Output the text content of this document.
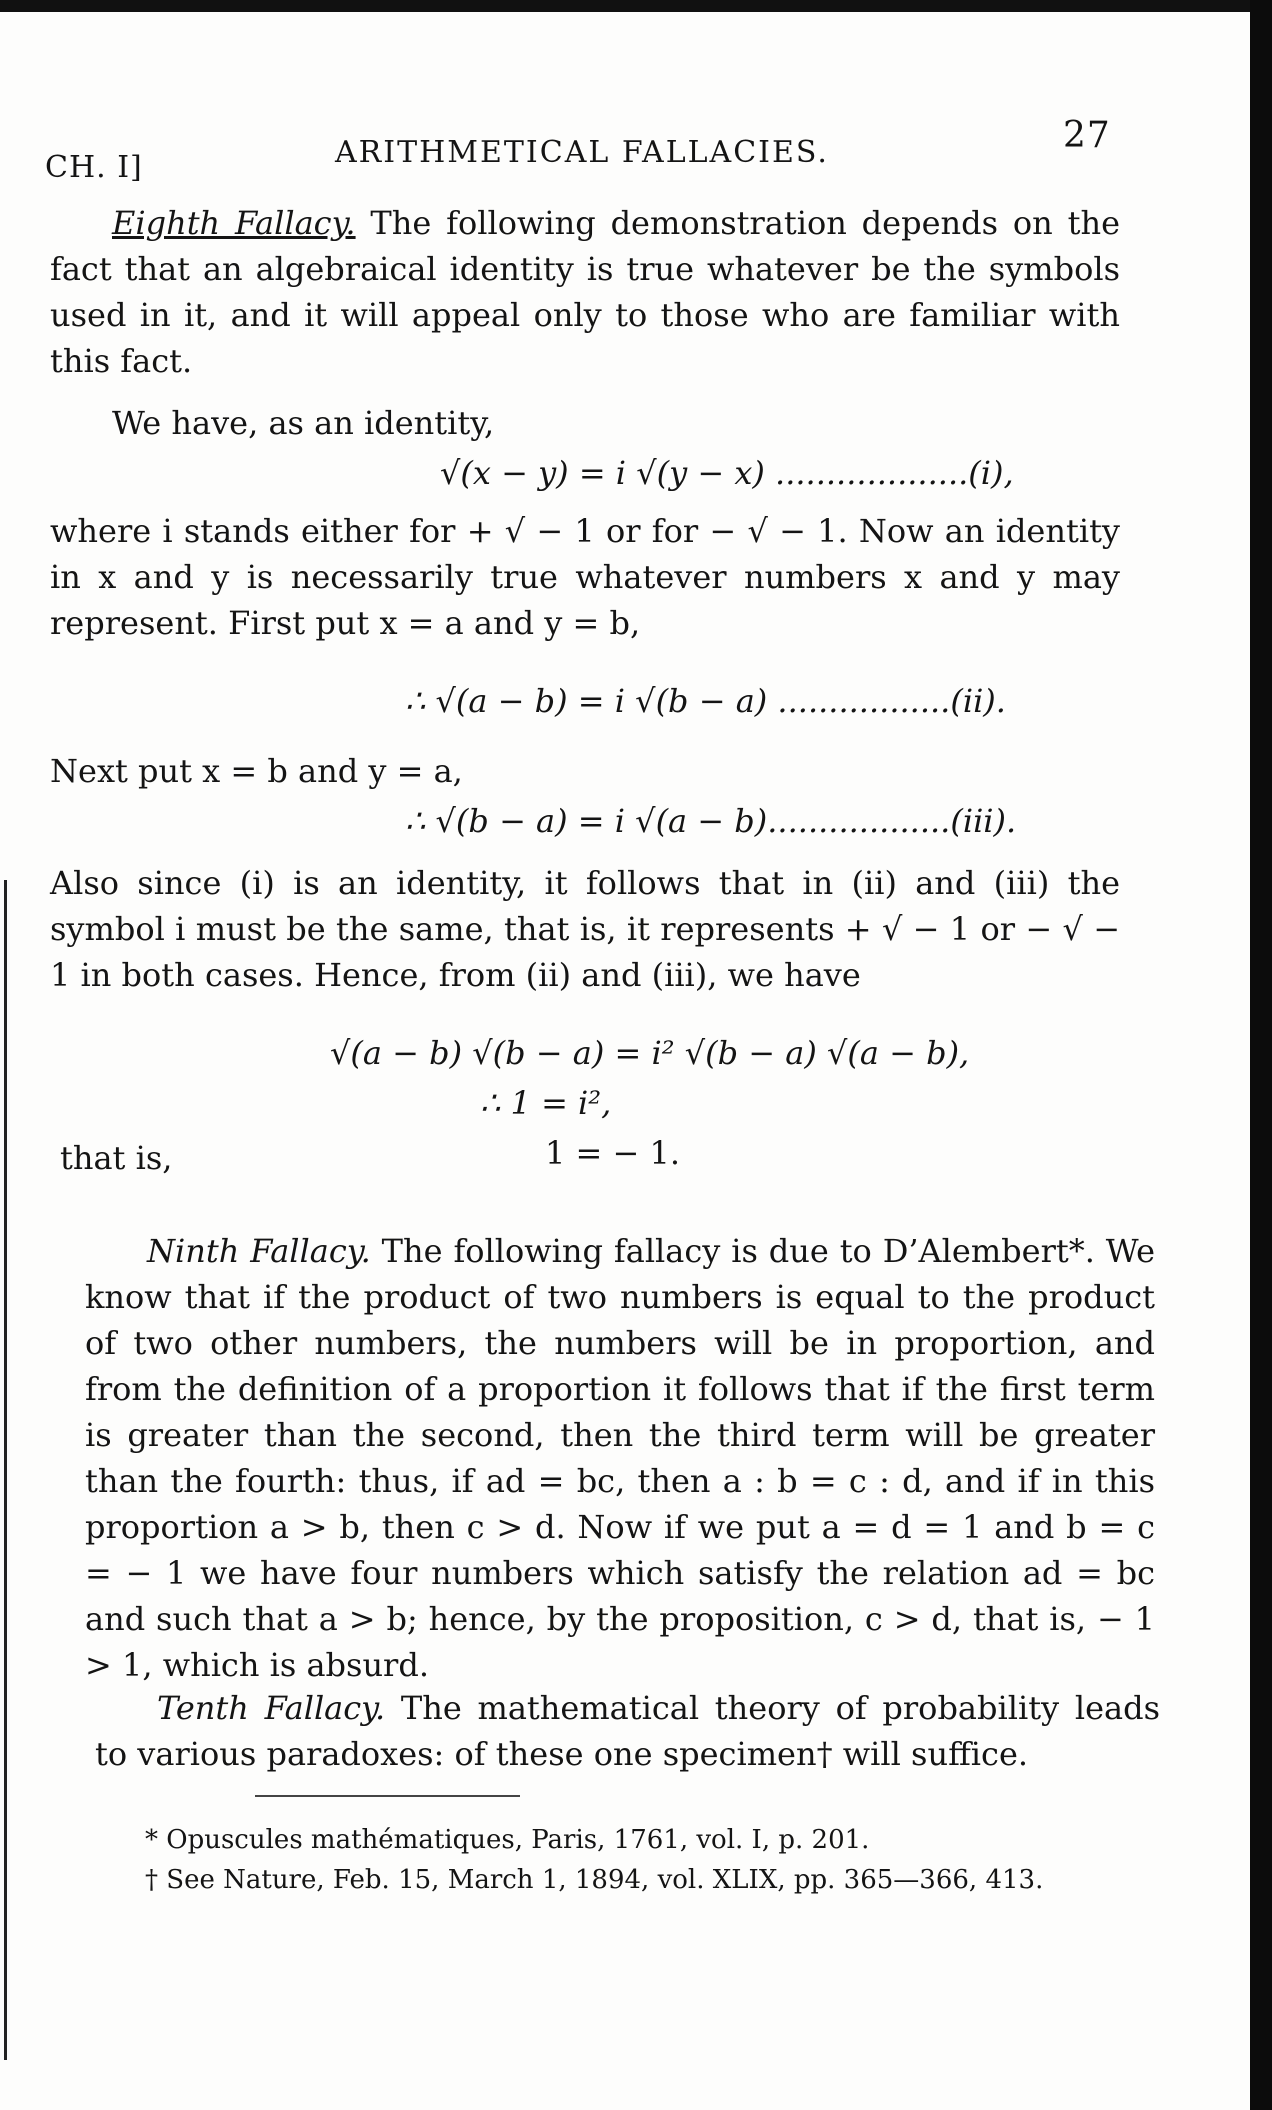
CH. I]	ARITHMETICAL FALLACIES.	27

Eighth Fallacy. The following demonstration depends on the fact that an algebraical identity is true whatever be the symbols used in it, and it will appeal only to those who are familiar with this fact.

We have, as an identity,

√(x − y) = i √(y − x) ...................(i),

where i stands either for + √ − 1 or for − √ − 1. Now an identity in x and y is necessarily true whatever numbers x and y may represent. First put x = a and y = b,

∴ √(a − b) = i √(b − a) .................(ii).

Next put x = b and y = a,

∴ √(b − a) = i √(a − b)..................(iii).

Also since (i) is an identity, it follows that in (ii) and (iii) the symbol i must be the same, that is, it represents + √ − 1 or − √ − 1 in both cases. Hence, from (ii) and (iii), we have

√(a − b) √(b − a) = i² √(b − a) √(a − b),
∴ 1 = i²,
that is,	1 = − 1.

Ninth Fallacy. The following fallacy is due to D’Alembert*. We know that if the product of two numbers is equal to the product of two other numbers, the numbers will be in proportion, and from the definition of a proportion it follows that if the first term is greater than the second, then the third term will be greater than the fourth: thus, if ad = bc, then a : b = c : d, and if in this proportion a > b, then c > d. Now if we put a = d = 1 and b = c = − 1 we have four numbers which satisfy the relation ad = bc and such that a > b; hence, by the proposition, c > d, that is, − 1 > 1, which is absurd.

Tenth Fallacy. The mathematical theory of probability leads to various paradoxes: of these one specimen† will suffice.

* Opuscules mathématiques, Paris, 1761, vol. I, p. 201.
† See Nature, Feb. 15, March 1, 1894, vol. XLIX, pp. 365—366, 413.
